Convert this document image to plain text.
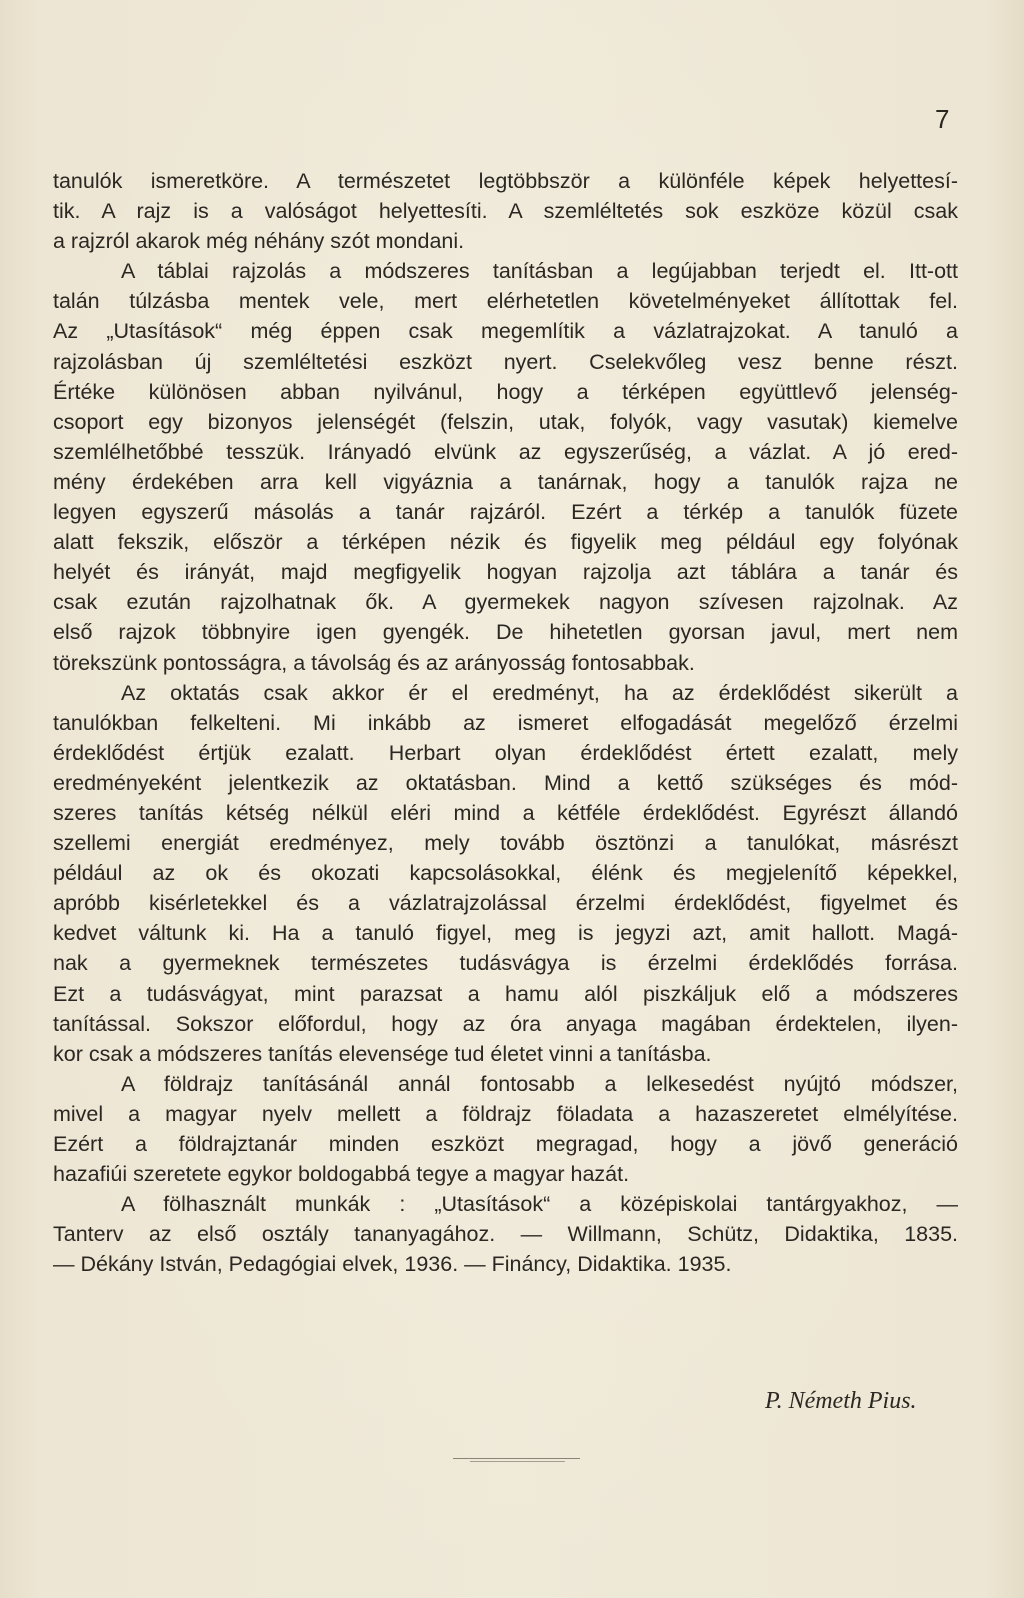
7
tanulók ismeretköre. A természetet legtöbbször a különféle képek helyettesí-
tik. A rajz is a valóságot helyettesíti. A szemléltetés sok eszköze közül csak
a rajzról akarok még néhány szót mondani.
A táblai rajzolás a módszeres tanításban a legújabban terjedt el. Itt-ott
talán túlzásba mentek vele, mert elérhetetlen követelményeket állítottak fel.
Az „Utasítások“ még éppen csak megemlítik a vázlatrajzokat. A tanuló a
rajzolásban új szemléltetési eszközt nyert. Cselekvőleg vesz benne részt.
Értéke különösen abban nyilvánul, hogy a térképen együttlevő jelenség-
csoport egy bizonyos jelenségét (felszin, utak, folyók, vagy vasutak) kiemelve
szemlélhetőbbé tesszük. Irányadó elvünk az egyszerűség, a vázlat. A jó ered-
mény érdekében arra kell vigyáznia a tanárnak, hogy a tanulók rajza ne
legyen egyszerű másolás a tanár rajzáról. Ezért a térkép a tanulók füzete
alatt fekszik, először a térképen nézik és figyelik meg például egy folyónak
helyét és irányát, majd megfigyelik hogyan rajzolja azt táblára a tanár és
csak ezután rajzolhatnak ők. A gyermekek nagyon szívesen rajzolnak. Az
első rajzok többnyire igen gyengék. De hihetetlen gyorsan javul, mert nem
törekszünk pontosságra, a távolság és az arányosság fontosabbak.
Az oktatás csak akkor ér el eredményt, ha az érdeklődést sikerült a
tanulókban felkelteni. Mi inkább az ismeret elfogadását megelőző érzelmi
érdeklődést értjük ezalatt. Herbart olyan érdeklődést értett ezalatt, mely
eredményeként jelentkezik az oktatásban. Mind a kettő szükséges és mód-
szeres tanítás kétség nélkül eléri mind a kétféle érdeklődést. Egyrészt állandó
szellemi energiát eredményez, mely tovább ösztönzi a tanulókat, másrészt
például az ok és okozati kapcsolásokkal, élénk és megjelenítő képekkel,
apróbb kisérletekkel és a vázlatrajzolással érzelmi érdeklődést, figyelmet és
kedvet váltunk ki. Ha a tanuló figyel, meg is jegyzi azt, amit hallott. Magá-
nak a gyermeknek természetes tudásvágya is érzelmi érdeklődés forrása.
Ezt a tudásvágyat, mint parazsat a hamu alól piszkáljuk elő a módszeres
tanítással. Sokszor előfordul, hogy az óra anyaga magában érdektelen, ilyen-
kor csak a módszeres tanítás elevensége tud életet vinni a tanításba.
A földrajz tanításánál annál fontosabb a lelkesedést nyújtó módszer,
mivel a magyar nyelv mellett a földrajz föladata a hazaszeretet elmélyítése.
Ezért a földrajztanár minden eszközt megragad, hogy a jövő generáció
hazafiúi szeretete egykor boldogabbá tegye a magyar hazát.
A fölhasznált munkák : „Utasítások“ a középiskolai tantárgyakhoz, —
Tanterv az első osztály tananyagához. — Willmann, Schütz, Didaktika, 1835.
— Dékány István, Pedagógiai elvek, 1936. — Fináncy, Didaktika. 1935.
P. Németh Pius.
